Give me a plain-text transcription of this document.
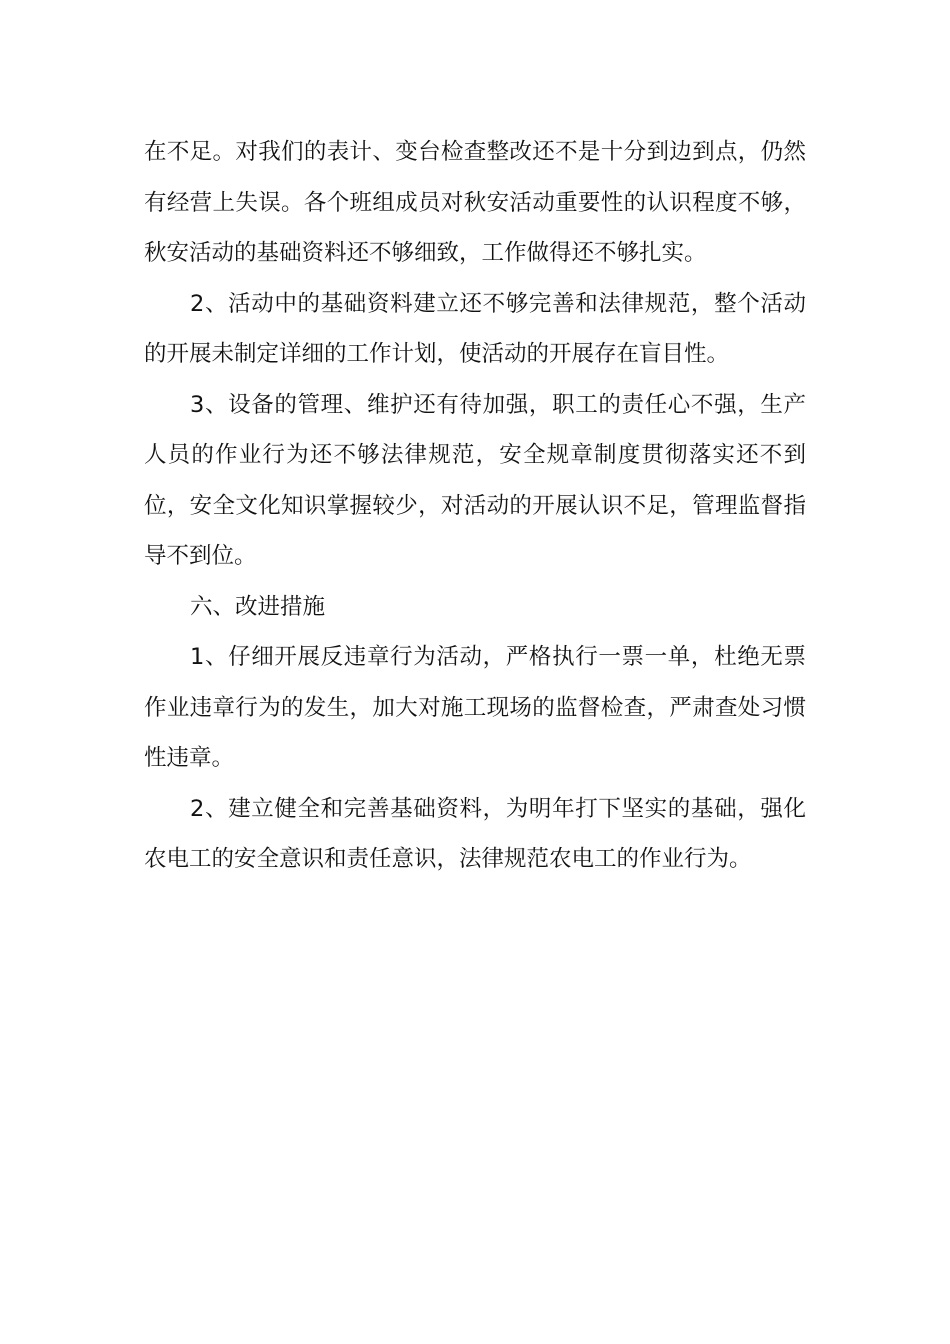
在不足。对我们的表计、变台检查整改还不是十分到边到点，仍然有经营上失误。各个班组成员对秋安活动重要性的认识程度不够，秋安活动的基础资料还不够细致，工作做得还不够扎实。

2、活动中的基础资料建立还不够完善和法律规范，整个活动的开展未制定详细的工作计划，使活动的开展存在盲目性。

3、设备的管理、维护还有待加强，职工的责任心不强，生产人员的作业行为还不够法律规范，安全规章制度贯彻落实还不到位，安全文化知识掌握较少，对活动的开展认识不足，管理监督指导不到位。

六、改进措施

1、仔细开展反违章行为活动，严格执行一票一单，杜绝无票作业违章行为的发生，加大对施工现场的监督检查，严肃查处习惯性违章。

2、建立健全和完善基础资料，为明年打下坚实的基础，强化农电工的安全意识和责任意识，法律规范农电工的作业行为。
